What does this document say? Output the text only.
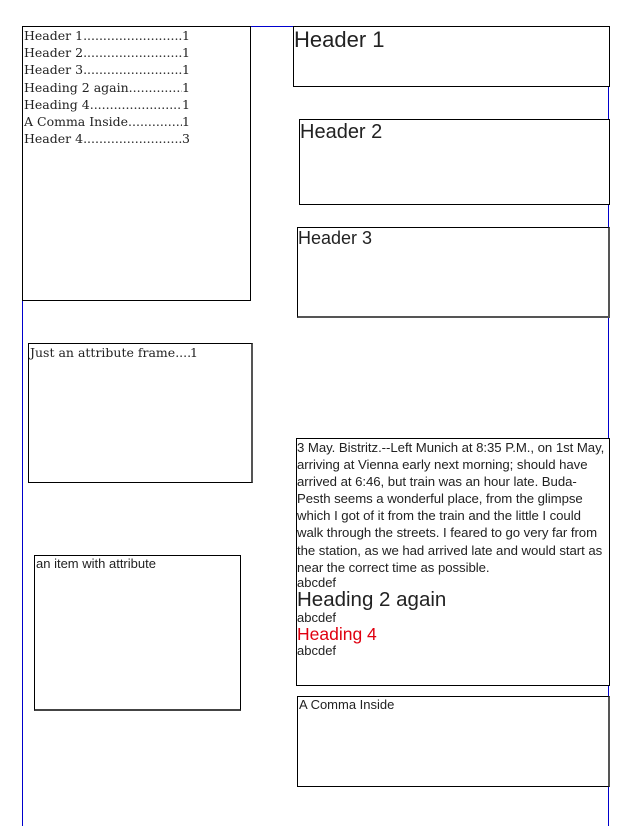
Header 1 .....	1
Header 2 .....	1
Header 3 .....	1
Heading 2 again .....	1
Heading 4 .....	1
A Comma Inside .....	1
Header 4 .....	3
Header 1
Header 2
Header 3
Just an attribute frame ...... 1
an item with attribute

3 May. Bistritz.--Left Munich at 8:35 P.M., on 1st May, arriving at Vienna early next morning; should have arrived at 6:46, but train was an hour late. Buda-Pesth seems a wonderful place, from the glimpse which I got of it from the train and the little I could walk through the streets. I feared to go very far from the station, as we had arrived late and would start as near the correct time as possible.

abcdef

Heading 2 again

abcdef

Heading 4

abcdef

A Comma Inside
